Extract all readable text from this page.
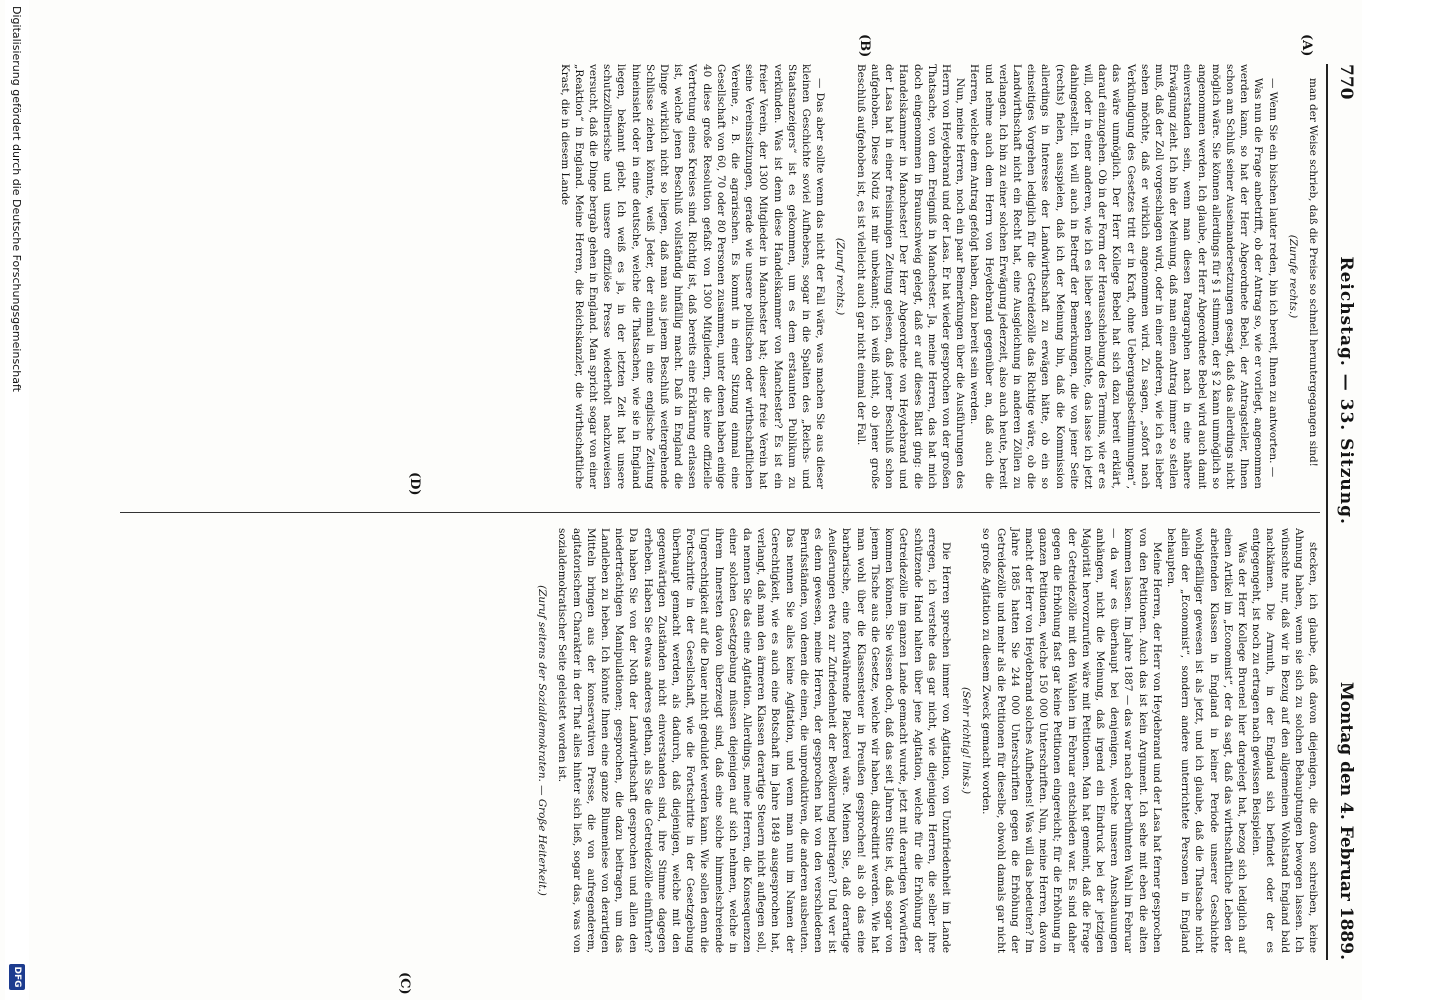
770
Reichstag. — 33. Sitzung.
Montag den 4. Februar 1889.
(A)
(B)
(C)
(D)

man der Weise schrieb, daß die Preise so schnell heruntergegangen sind!

(Zurufe rechts.)

— Wenn Sie ein bischen lauter reden, bin ich bereit, Ihnen zu antworten. —

Was nun die Frage anbetrifft, ob der Antrag so, wie er vorliegt, angenommen werden kann, so hat der Herr Abgeordnete Bebel, der Antragsteller, Ihnen schon am Schluß seiner Auseinandersetzungen gesagt, daß das allerdings nicht möglich wäre. Sie können allerdings für § 1 stimmen, der § 2 kann unmöglich so angenommen werden. Ich glaube, der Herr Abgeordnete Bebel wird auch damit einverstanden sein, wenn man diesen Paragraphen nach in eine nähere Erwägung zieht. Ich bin der Meinung, daß man einen Antrag immer so stellen muß, daß der Zoll vorgeschlagen wird, oder in einer anderen, wie ich es lieber sehen möchte, daß er wirklich angenommen wird. Zu sagen, „sofort nach Verkündigung des Gesetzes tritt er in Kraft, ohne Uebergangsbestimmungen“, das wäre unmöglich. Der Herr Kollege Bebel hat sich dazu bereit erklärt, darauf einzugehen. Ob in der Form der Herausschiebung des Termins, wie er es will, oder in einer anderen, wie ich es lieber sehen möchte, das lasse ich jetzt dahingestellt. Ich will auch in Betreff der Bemerkungen, die von jener Seite (rechts) fielen, ausspielen, daß ich der Meinung bin, daß die Kommission allerdings in Interesse der Landwirthschaft zu erwägen hätte, ob ein so einseitiges Vorgehen lediglich für die Getreidezölle das Richtige wäre, ob die Landwirthschaft nicht ein Recht hat, eine Ausgleichung in anderen Zöllen zu verlangen. Ich bin zu einer solchen Erwägung jederzeit, also auch heute, bereit und nehme auch dem Herrn von Heydebrand gegenüber an, daß auch die Herren, welche dem Antrag gefolgt haben, dazu bereit sein werden.

Nun, meine Herren, noch ein paar Bemerkungen über die Ausführungen des Herrn von Heydebrand und der Lasa. Er hat wieder gesprochen von der großen Thatsache, von dem Ereigniß in Manchester. Ja, meine Herren, das hat mich doch eingenommen in Braunschweig gelegt, daß er auf dieses Blatt ging: die Handelskammer in Manchester! Der Herr Abgeordnete von Heydebrand und der Lasa hat in einer freisinnigen Zeitung gelesen, daß jener Beschluß schon aufgehoben. Diese Notiz ist mir unbekannt; ich weiß nicht, ob jener große Beschluß aufgehoben ist, es ist vielleicht auch gar nicht einmal der Fall.

(Zuruf rechts.)

— Das aber sollte wenn das nicht der Fall wäre, was machen Sie aus dieser kleinen Geschichte soviel Aufhebens, sogar in die Spalten des „Reichs- und Staatsanzeigers“ ist es gekommen, um es dem erstaunten Publikum zu verkünden. Was ist denn diese Handelskammer von Manchester? Es ist ein freier Verein, der 1300 Mitglieder in Manchester hat; dieser freie Verein hat seine Vereinssitzungen, gerade wie unsere politischen oder wirthschaftlichen Vereine, z. B. die agrarischen. Es kommt in einer Sitzung einmal eine Gesellschaft von 60, 70 oder 80 Personen zusammen, unter denen haben einige 40 diese große Resolution gefaßt von 1300 Mitgliedern, die keine offizielle Vertretung eines Kreises sind. Richtig ist, daß bereits eine Erklärung erlassen ist, welche jenen Beschluß vollständig hinfällig macht. Daß in England die Dinge wirklich nicht so liegen, daß man aus jenem Beschluß weitergehende Schlüsse ziehen könnte, weiß Jeder, der einmal in eine englische Zeitung hineinsieht oder in eine deutsche, welche die Thatsachen, wie sie in England liegen, bekannt giebt. Ich weiß es ja, in der letzten Zeit hat unsere schutzzöllnerische und unsere offiziöse Presse wiederholt nachzuweisen versucht, daß die Dinge bergab gehen in England. Man spricht sogar von einer „Reaktion“ in England. Meine Herren, die Reichskanzler, die wirthschaftliche Krast, die in diesem Lande

stecken, ich glaube, daß davon diejenigen, die davon schreiben, keine Ahnung haben, wenn sie sich zu solchen Behauptungen bewogen lassen. Ich wünschte nur, daß wir in Bezug auf den allgemeinen Wohlstand England bald nachkämen. Die Armuth, in der England sich befindet oder der es entgegengeht, ist noch zu ertragen nach gewissen Beispielen.

Was der Herr Kollege Bruenel hier dargelegt hat, bezog sich lediglich auf einen Artikel im „Economist“, der da sagt, daß das wirthschaftliche Leben der arbeitenden Klassen in England in keiner Periode unserer Geschichte wohlgefälliger gewesen ist als jetzt, und ich glaube, daß die Thatsache nicht allein der „Economist“, sondern andere unterrichtete Personen in England behaupten.

Meine Herren, der Herr von Heydebrand und der Lasa hat ferner gesprochen von den Petitionen. Auch das ist kein Argument. Ich sehe mit eben die alten kommen lassen. Im Jahre 1887 — das war nach der berühmten Wahl im Februar — da war es überhaupt bei denjenigen, welche unseren Anschauungen anhängen, nicht die Meinung, daß irgend ein Eindruck bei der jetzigen Majorität hervorzurufen wäre mit Petitionen. Man hat gemeint, daß die Frage der Getreidezölle mit den Wahlen im Februar entschieden war. Es sind daher gegen die Erhöhung fast gar keine Petitionen eingereicht; für die Erhöhung in ganzen Petitionen, welche 150 000 Unterschriften. Nun, meine Herren, davon macht der Herr von Heydebrand solches Aufhebens! Was will das bedeuten? Im Jahre 1885 hatten Sie 244 000 Unterschriften gegen die Erhöhung der Getreidezölle und mehr als die Petitionen für dieselbe, obwohl damals gar nicht so große Agitation zu diesem Zweck gemacht worden.

(Sehr richtig! links.)

Die Herren sprechen immer von Agitation, von Unzufriedenheit im Lande erregen, ich verstehe das gar nicht, wie diejenigen Herren, die selber ihre schützende Hand halten über jene Agitation, welche für die Erhöhung der Getreidezölle im ganzen Lande gemacht wurde, jetzt mit derartigen Vorwürfen kommen können. Sie wissen doch, daß das seit Jahren Sitte ist, daß sogar von jenem Tische aus die Gesetze, welche wir haben, diskreditirt werden. Wie hat man wohl über die Klassensteuer in Preußen gesprochen! als ob das eine barbarische, eine fortwährende Plackerei wäre. Meinen Sie, daß derartige Aeußerungen etwa zur Zufriedenheit der Bevölkerung beitragen? Und wer ist es denn gewesen, meine Herren, der gesprochen hat von den verschiedenen Berufsständen, von denen die einen, die unproduktiven, die anderen ausbeuten. Das nennen Sie alles keine Agitation, und wenn man nun im Namen der Gerechtigkeit, wie es auch eine Botschaft im Jahre 1849 ausgesprochen hat, verlangt, daß man den ärmeren Klassen derartige Steuern nicht auflegen soll, da nennen Sie das eine Agitation. Allerdings, meine Herren, die Konsequenzen einer solchen Gesetzgebung müssen diejenigen auf sich nehmen, welche in ihrem Innersten davon überzeugt sind, daß eine solche himmelschreiende Ungerechtigkeit auf die Dauer nicht geduldet werden kann. Wie sollen denn die Fortschritte in der Gesellschaft, wie die Fortschritte in der Gesetzgebung überhaupt gemacht werden, als dadurch, daß diejenigen, welche mit den gegenwärtigen Zuständen nicht einverstanden sind, ihre Stimme dagegen erheben. Haben Sie etwas anderes gethan, als Sie die Getreidezölle einführten? Da haben Sie von der Noth der Landwirthschaft gesprochen und allen den niederträchtigen Manipulationen; gesprochen, die dazu beitragen, um das Landleben zu heben. Ich könnte Ihnen eine ganze Blumenlese von derartigen Mitteln bringen aus der konservativen Presse, die von aufregenderem, agitatorischem Charakter in der That alles hinter sich ließ, sogar das, was von sozialdemokratischer Seite geleistet worden ist.

(Zuruf seitens der Sozialdemokraten. — Große Heiterkeit.)

Digitalisierung gefördert durch die Deutsche Forschungsgemeinschaft
DFG
